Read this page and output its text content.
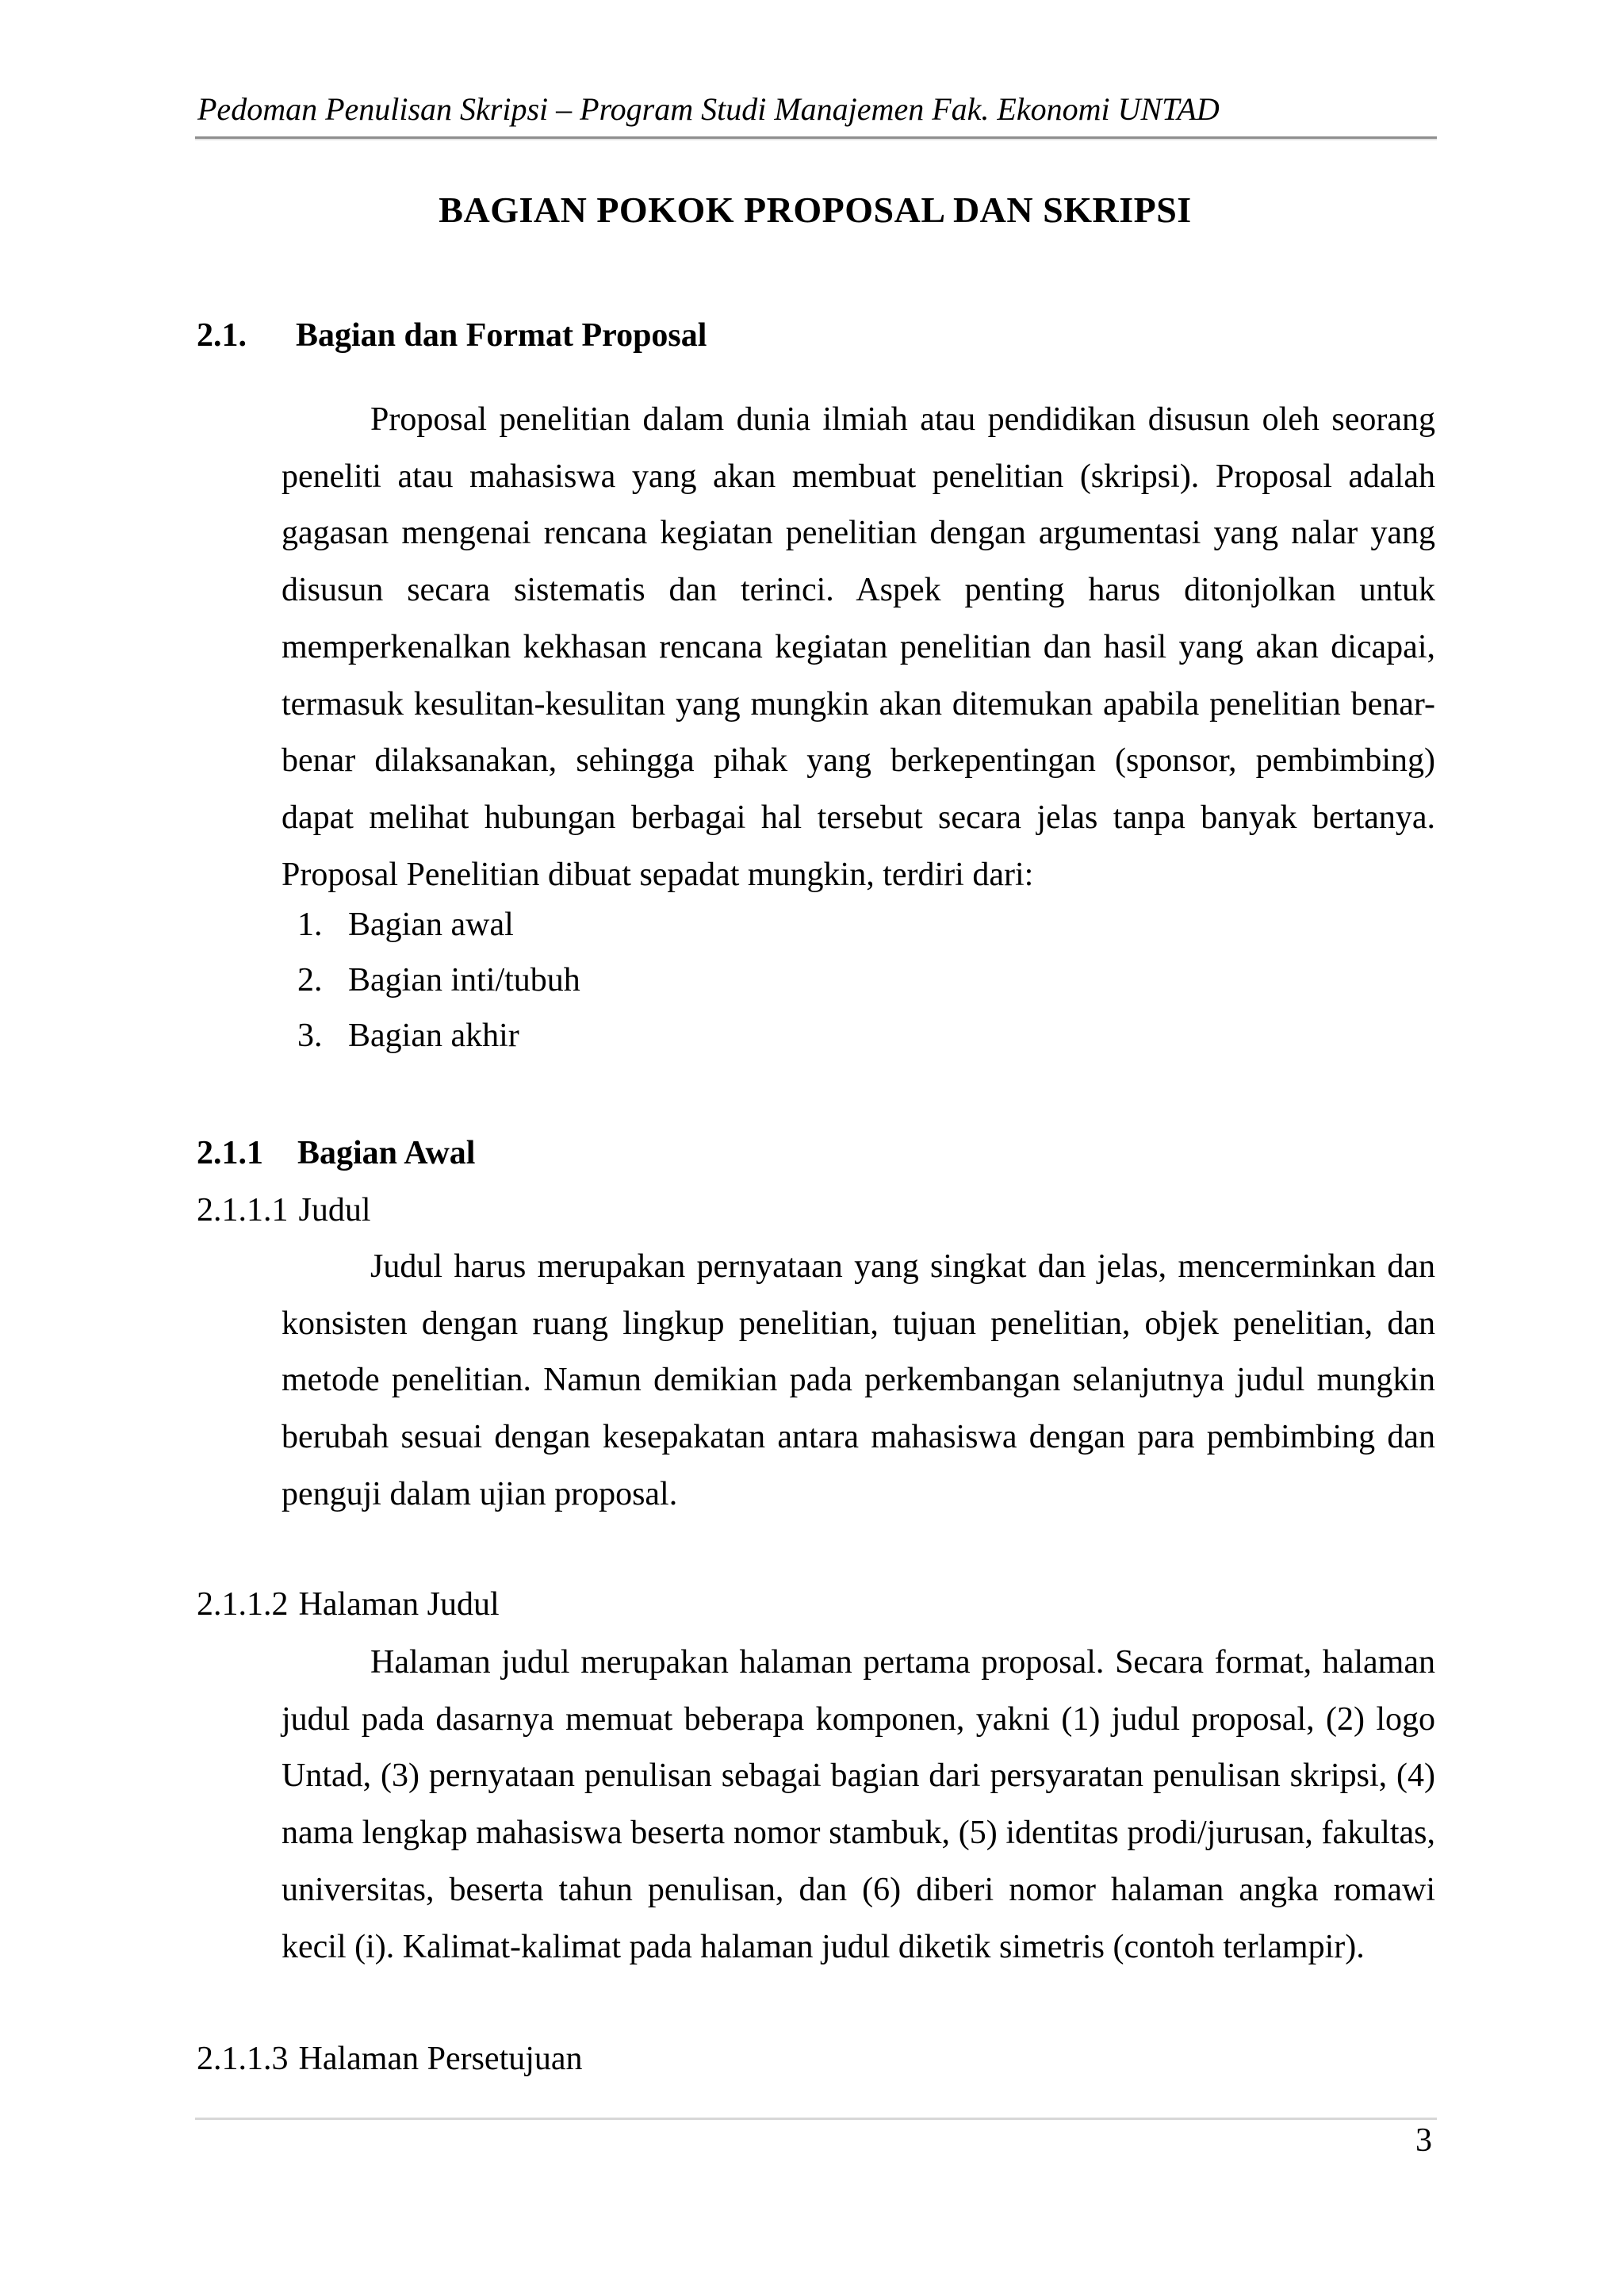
Pedoman Penulisan Skripsi – Program Studi Manajemen Fak. Ekonomi UNTAD
BAGIAN POKOK PROPOSAL DAN SKRIPSI
2.1.	Bagian dan Format Proposal

Proposal penelitian dalam dunia ilmiah atau pendidikan disusun oleh seorang peneliti atau mahasiswa yang akan membuat penelitian (skripsi). Proposal adalah gagasan mengenai rencana kegiatan penelitian dengan argumentasi yang nalar yang disusun secara sistematis dan terinci. Aspek penting harus ditonjolkan untuk memperkenalkan kekhasan rencana kegiatan penelitian dan hasil yang akan dicapai, termasuk kesulitan-kesulitan yang mungkin akan ditemukan apabila penelitian benar-benar dilaksanakan, sehingga pihak yang berkepentingan (sponsor, pembimbing) dapat melihat hubungan berbagai hal tersebut secara jelas tanpa banyak bertanya. Proposal Penelitian dibuat sepadat mungkin, terdiri dari:

1. Bagian awal
2. Bagian inti/tubuh
3. Bagian akhir
2.1.1	Bagian Awal
2.1.1.1 Judul

Judul harus merupakan pernyataan yang singkat dan jelas, mencerminkan dan konsisten dengan ruang lingkup penelitian, tujuan penelitian, objek penelitian, dan metode penelitian. Namun demikian pada perkembangan selanjutnya judul mungkin berubah sesuai dengan kesepakatan antara mahasiswa dengan para pembimbing dan penguji dalam ujian proposal.

2.1.1.2 Halaman Judul

Halaman judul merupakan halaman pertama proposal. Secara format, halaman judul pada dasarnya memuat beberapa komponen, yakni (1) judul proposal, (2) logo Untad, (3) pernyataan penulisan sebagai bagian dari persyaratan penulisan skripsi, (4) nama lengkap mahasiswa beserta nomor stambuk, (5) identitas prodi/jurusan, fakultas, universitas, beserta tahun penulisan, dan (6) diberi nomor halaman angka romawi kecil (i). Kalimat-kalimat pada halaman judul diketik simetris (contoh terlampir).

2.1.1.3 Halaman Persetujuan
3
